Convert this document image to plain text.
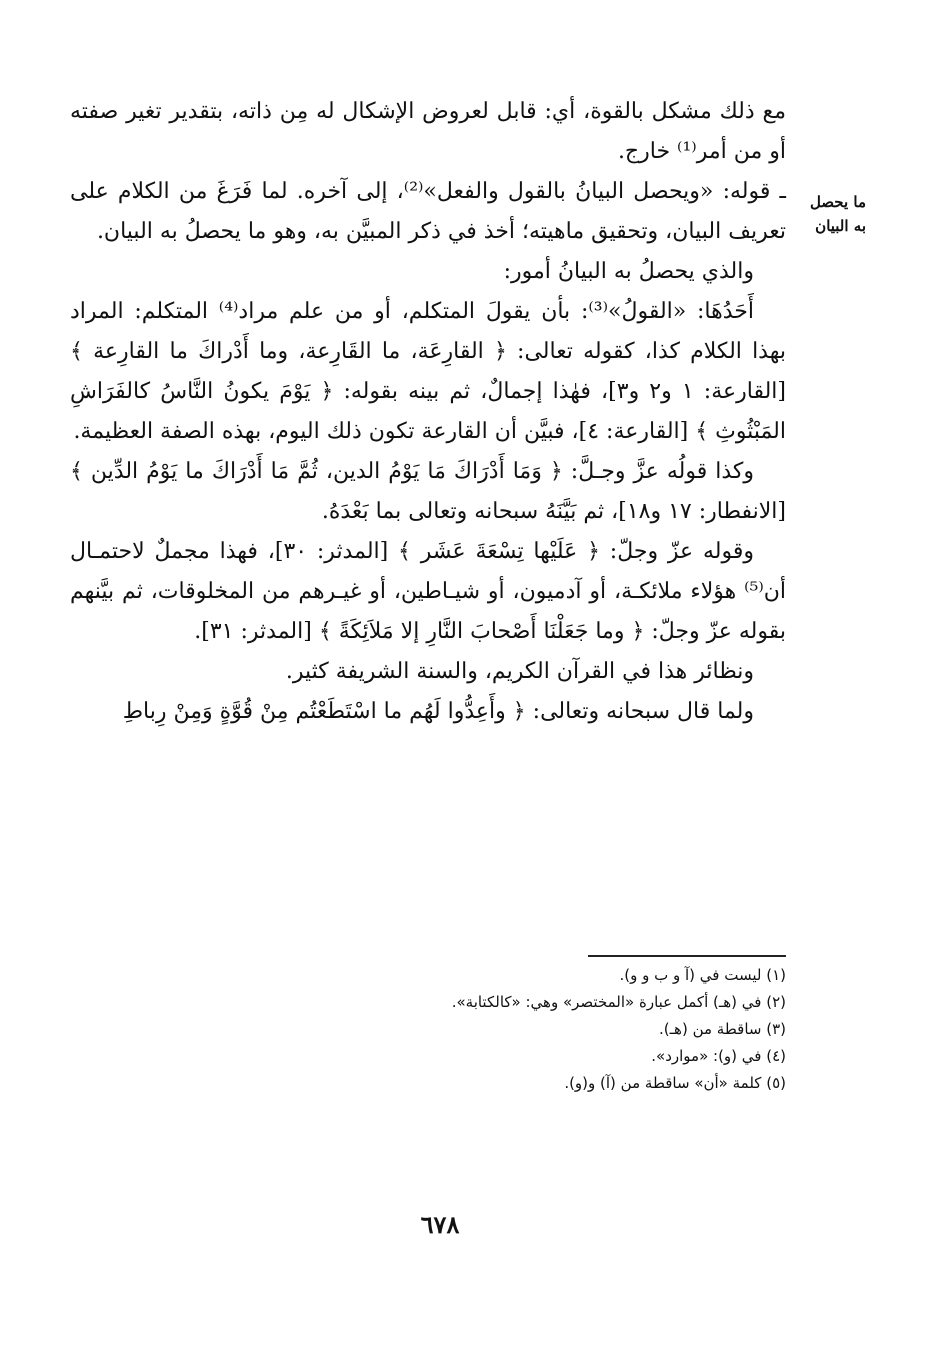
ما يحصل به البيان

مع ذلك مشكل بالقوة، أي: قابل لعروض الإشكال له مِن ذاته، بتقدير تغير صفته أو من أمر⁽¹⁾ خارج.

ـ قوله: «ويحصل البيانُ بالقول والفعل»⁽²⁾، إلى آخره. لما فَرَغَ من الكلام على تعريف البيان، وتحقيق ماهيته؛ أخذ في ذكر المبيَّن به، وهو ما يحصلُ به البيان.

والذي يحصلُ به البيانُ أمور:

أَحَدُهَا: «القولُ»⁽³⁾: بأن يقولَ المتكلم، أو من علم مراد⁽⁴⁾ المتكلم: المراد بهذا الكلام كذا، كقوله تعالى: ﴿ القارِعَة، ما القَارِعة، وما أَدْراكَ ما القارِعة ﴾ [القارعة: ١ و٢ و٣]، فهٰذا إجمالٌ، ثم بينه بقوله: ﴿ يَوْمَ يكونُ النَّاسُ كالفَرَاشِ المَبْثُوثِ ﴾ [القارعة: ٤]، فبيَّن أن القارعة تكون ذلك اليوم، بهذه الصفة العظيمة.

وكذا قولُه عزَّ وجـلَّ: ﴿ وَمَا أَدْرَاكَ مَا يَوْمُ الدين، ثُمَّ مَا أَدْرَاكَ ما يَوْمُ الدِّين ﴾ [الانفطار: ١٧ و١٨]، ثم بَيَّنَهُ سبحانه وتعالى بما بَعْدَهُ.

وقوله عزّ وجلّ: ﴿ عَلَيْها تِسْعَةَ عَشَر ﴾ [المدثر: ٣٠]، فهذا مجملٌ لاحتمـال أن⁽⁵⁾ هؤلاء ملائكـة، أو آدميون، أو شيـاطين، أو غيـرهم من المخلوقات، ثم بيَّنهم بقوله عزّ وجلّ: ﴿ وما جَعَلْنَا أَصْحابَ النَّارِ إلا مَلاَئِكَةً ﴾ [المدثر: ٣١].

ونظائر هذا في القرآن الكريم، والسنة الشريفة كثير.

ولما قال سبحانه وتعالى: ﴿ وأَعِدُّوا لَهُم ما اسْتَطَعْتُم مِنْ قُوَّةٍ وَمِنْ رِباطِ

(١) ليست في (آ و ب و و).
(٢) في (هـ) أكمل عبارة «المختصر» وهي: «كالكتابة».
(٣) ساقطة من (هـ).
(٤) في (و): «موارد».
(٥) كلمة «أن» ساقطة من (آ) و(و).
٦٧٨
